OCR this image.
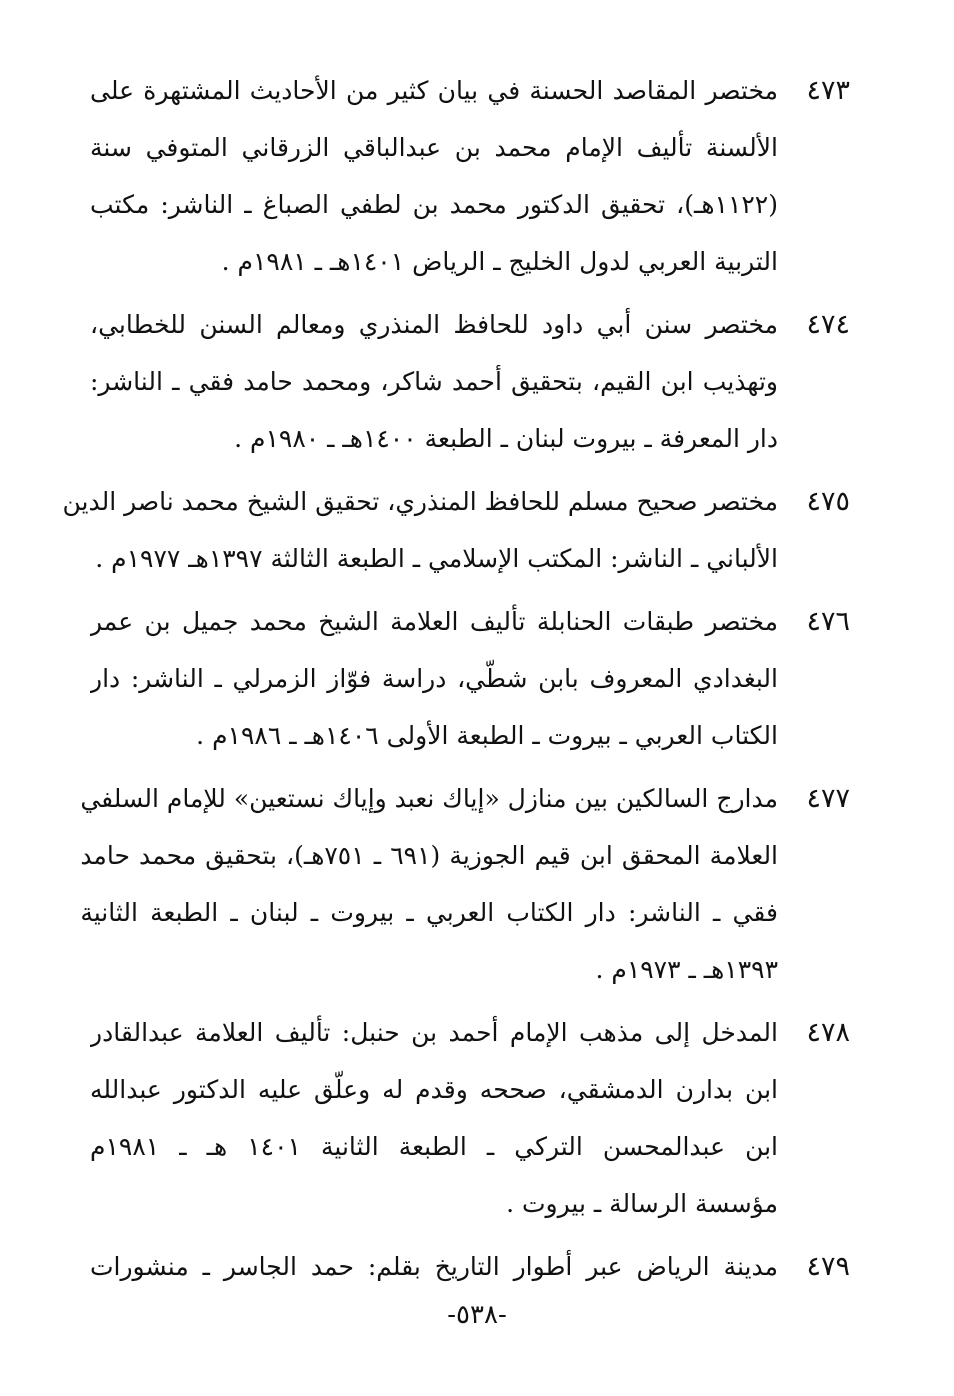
٤٧٣
مختصر المقاصد الحسنة في بيان كثير من الأحاديث المشتهرة على
الألسنة تأليف الإمام محمد بن عبدالباقي الزرقاني المتوفي سنة
(١١٢٢هـ)، تحقيق الدكتور محمد بن لطفي الصباغ ـ الناشر: مكتب
التربية العربي لدول الخليج ـ الرياض ١٤٠١هـ ـ ١٩٨١م .
٤٧٤
مختصر سنن أبي داود للحافظ المنذري ومعالم السنن للخطابي،
وتهذيب ابن القيم، بتحقيق أحمد شاكر، ومحمد حامد فقي ـ الناشر:
دار المعرفة ـ بيروت لبنان ـ الطبعة ١٤٠٠هـ ـ ١٩٨٠م .
٤٧٥
مختصر صحيح مسلم للحافظ المنذري، تحقيق الشيخ محمد ناصر الدين
الألباني ـ الناشر: المكتب الإسلامي ـ الطبعة الثالثة ١٣٩٧هـ ١٩٧٧م .
٤٧٦
مختصر طبقات الحنابلة تأليف العلامة الشيخ محمد جميل بن عمر
البغدادي المعروف بابن شطّي، دراسة فوّاز الزمرلي ـ الناشر: دار
الكتاب العربي ـ بيروت ـ الطبعة الأولى ١٤٠٦هـ ـ ١٩٨٦م .
٤٧٧
مدارج السالكين بين منازل «إياك نعبد وإياك نستعين» للإمام السلفي
العلامة المحقق ابن قيم الجوزية (٦٩١ ـ ٧٥١هـ)، بتحقيق محمد حامد
فقي ـ الناشر: دار الكتاب العربي ـ بيروت ـ لبنان ـ الطبعة الثانية
١٣٩٣هـ ـ ١٩٧٣م .
٤٧٨
المدخل إلى مذهب الإمام أحمد بن حنبل: تأليف العلامة عبدالقادر
ابن بدارن الدمشقي، صححه وقدم له وعلّق عليه الدكتور عبدالله
ابن عبدالمحسن التركي ـ الطبعة الثانية ١٤٠١ هـ ـ ١٩٨١م
مؤسسة الرسالة ـ بيروت .
٤٧٩
مدينة الرياض عبر أطوار التاريخ بقلم: حمد الجاسر ـ منشورات
-٥٣٨-
